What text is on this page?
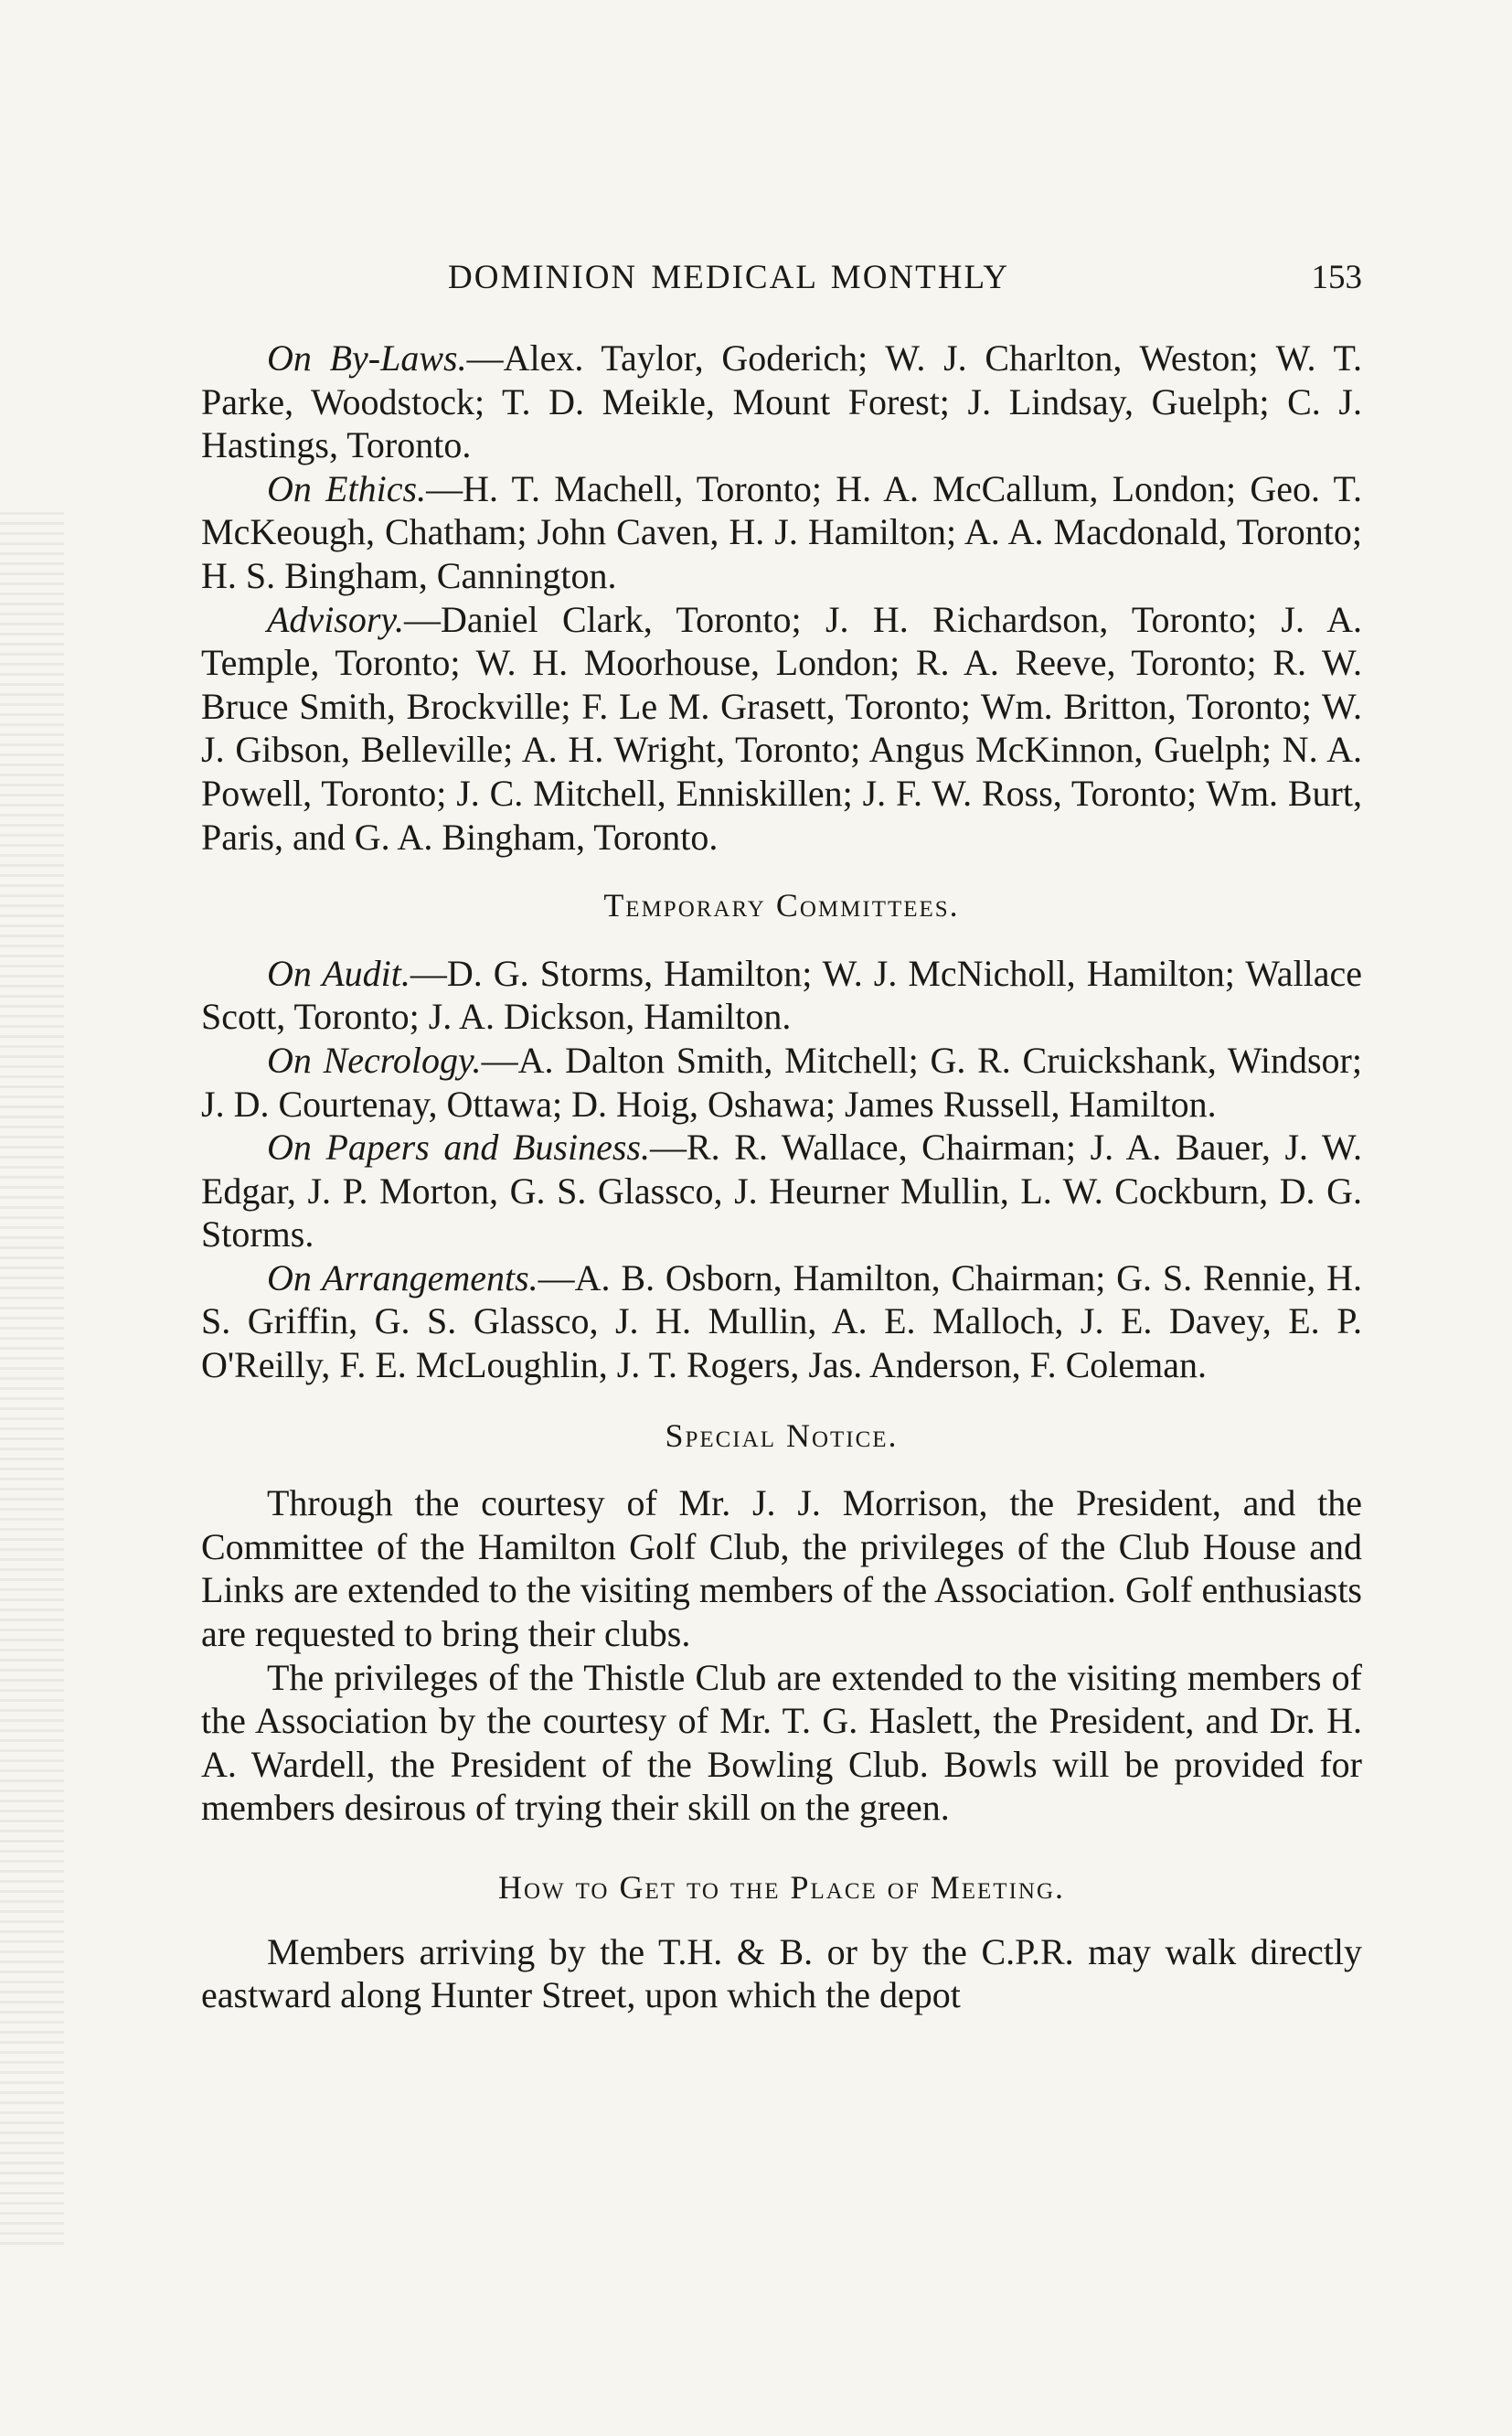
DOMINION MEDICAL MONTHLY	153

On By-Laws.—Alex. Taylor, Goderich; W. J. Charlton, Weston; W. T. Parke, Woodstock; T. D. Meikle, Mount Forest; J. Lindsay, Guelph; C. J. Hastings, Toronto.

On Ethics.—H. T. Machell, Toronto; H. A. McCallum, London; Geo. T. McKeough, Chatham; John Caven, H. J. Hamilton; A. A. Macdonald, Toronto; H. S. Bingham, Cannington.

Advisory.—Daniel Clark, Toronto; J. H. Richardson, Toronto; J. A. Temple, Toronto; W. H. Moorhouse, London; R. A. Reeve, Toronto; R. W. Bruce Smith, Brockville; F. Le M. Grasett, Toronto; Wm. Britton, Toronto; W. J. Gibson, Belleville; A. H. Wright, Toronto; Angus McKinnon, Guelph; N. A. Powell, Toronto; J. C. Mitchell, Enniskillen; J. F. W. Ross, Toronto; Wm. Burt, Paris, and G. A. Bingham, Toronto.

Temporary Committees.

On Audit.—D. G. Storms, Hamilton; W. J. McNicholl, Hamilton; Wallace Scott, Toronto; J. A. Dickson, Hamilton.

On Necrology.—A. Dalton Smith, Mitchell; G. R. Cruickshank, Windsor; J. D. Courtenay, Ottawa; D. Hoig, Oshawa; James Russell, Hamilton.

On Papers and Business.—R. R. Wallace, Chairman; J. A. Bauer, J. W. Edgar, J. P. Morton, G. S. Glassco, J. Heurner Mullin, L. W. Cockburn, D. G. Storms.

On Arrangements.—A. B. Osborn, Hamilton, Chairman; G. S. Rennie, H. S. Griffin, G. S. Glassco, J. H. Mullin, A. E. Malloch, J. E. Davey, E. P. O'Reilly, F. E. McLoughlin, J. T. Rogers, Jas. Anderson, F. Coleman.

Special Notice.

Through the courtesy of Mr. J. J. Morrison, the President, and the Committee of the Hamilton Golf Club, the privileges of the Club House and Links are extended to the visiting members of the Association. Golf enthusiasts are requested to bring their clubs.

The privileges of the Thistle Club are extended to the visiting members of the Association by the courtesy of Mr. T. G. Haslett, the President, and Dr. H. A. Wardell, the President of the Bowling Club. Bowls will be provided for members desirous of trying their skill on the green.

How to Get to the Place of Meeting.

Members arriving by the T.H. & B. or by the C.P.R. may walk directly eastward along Hunter Street, upon which the depot
